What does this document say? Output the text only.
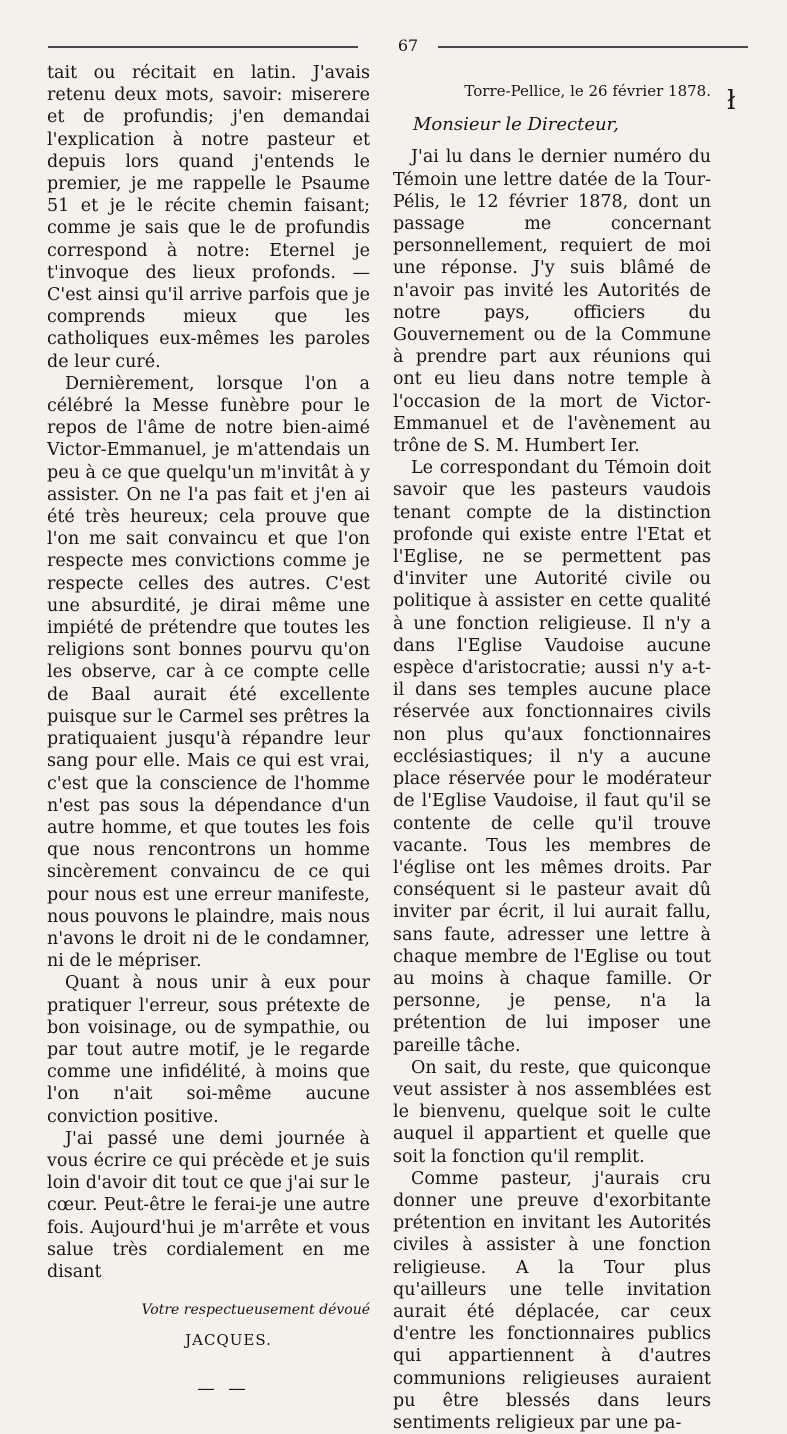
67
ł

tait ou récitait en latin. J'avais retenu deux mots, savoir: miserere et de profundis; j'en demandai l'explication à notre pasteur et depuis lors quand j'entends le premier, je me rappelle le Psaume 51 et je le récite chemin faisant; comme je sais que le de profundis correspond à notre: Eternel je t'invoque des lieux profonds. — C'est ainsi qu'il arrive parfois que je comprends mieux que les catholiques eux-mêmes les paroles de leur curé.

Dernièrement, lorsque l'on a célébré la Messe funèbre pour le repos de l'âme de notre bien-aimé Victor-Emmanuel, je m'attendais un peu à ce que quelqu'un m'invitât à y assister. On ne l'a pas fait et j'en ai été très heureux; cela prouve que l'on me sait convaincu et que l'on respecte mes convictions comme je respecte celles des autres. C'est une absurdité, je dirai même une impiété de prétendre que toutes les religions sont bonnes pourvu qu'on les observe, car à ce compte celle de Baal aurait été excellente puisque sur le Carmel ses prêtres la pratiquaient jusqu'à répandre leur sang pour elle. Mais ce qui est vrai, c'est que la conscience de l'homme n'est pas sous la dépendance d'un autre homme, et que toutes les fois que nous rencontrons un homme sincèrement convaincu de ce qui pour nous est une erreur manifeste, nous pouvons le plaindre, mais nous n'avons le droit ni de le condamner, ni de le mépriser.

Quant à nous unir à eux pour pratiquer l'erreur, sous prétexte de bon voisinage, ou de sympathie, ou par tout autre motif, je le regarde comme une infidélité, à moins que l'on n'ait soi-même aucune conviction positive.

J'ai passé une demi journée à vous écrire ce qui précède et je suis loin d'avoir dit tout ce que j'ai sur le cœur. Peut-être le ferai-je une autre fois. Aujourd'hui je m'arrête et vous salue très cordialement en me disant

Votre respectueusement dévoué

JACQUES.

— —

Torre-Pellice, le 26 février 1878.

Monsieur le Directeur,

J'ai lu dans le dernier numéro du Témoin une lettre datée de la Tour-Pélis, le 12 février 1878, dont un passage me concernant personnellement, requiert de moi une réponse. J'y suis blâmé de n'avoir pas invité les Autorités de notre pays, officiers du Gouvernement ou de la Commune à prendre part aux réunions qui ont eu lieu dans notre temple à l'occasion de la mort de Victor-Emmanuel et de l'avènement au trône de S. M. Humbert Ier.

Le correspondant du Témoin doit savoir que les pasteurs vaudois tenant compte de la distinction profonde qui existe entre l'Etat et l'Eglise, ne se permettent pas d'inviter une Autorité civile ou politique à assister en cette qualité à une fonction religieuse. Il n'y a dans l'Eglise Vaudoise aucune espèce d'aristocratie; aussi n'y a-t-il dans ses temples aucune place réservée aux fonctionnaires civils non plus qu'aux fonctionnaires ecclésiastiques; il n'y a aucune place réservée pour le modérateur de l'Eglise Vaudoise, il faut qu'il se contente de celle qu'il trouve vacante. Tous les membres de l'église ont les mêmes droits. Par conséquent si le pasteur avait dû inviter par écrit, il lui aurait fallu, sans faute, adresser une lettre à chaque membre de l'Eglise ou tout au moins à chaque famille. Or personne, je pense, n'a la prétention de lui imposer une pareille tâche.

On sait, du reste, que quiconque veut assister à nos assemblées est le bienvenu, quelque soit le culte auquel il appartient et quelle que soit la fonction qu'il remplit.

Comme pasteur, j'aurais cru donner une preuve d'exorbitante prétention en invitant les Autorités civiles à assister à une fonction religieuse. A la Tour plus qu'ailleurs une telle invitation aurait été déplacée, car ceux d'entre les fonctionnaires publics qui appartiennent à d'autres communions religieuses auraient pu être blessés dans leurs sentiments religieux par une pa-
